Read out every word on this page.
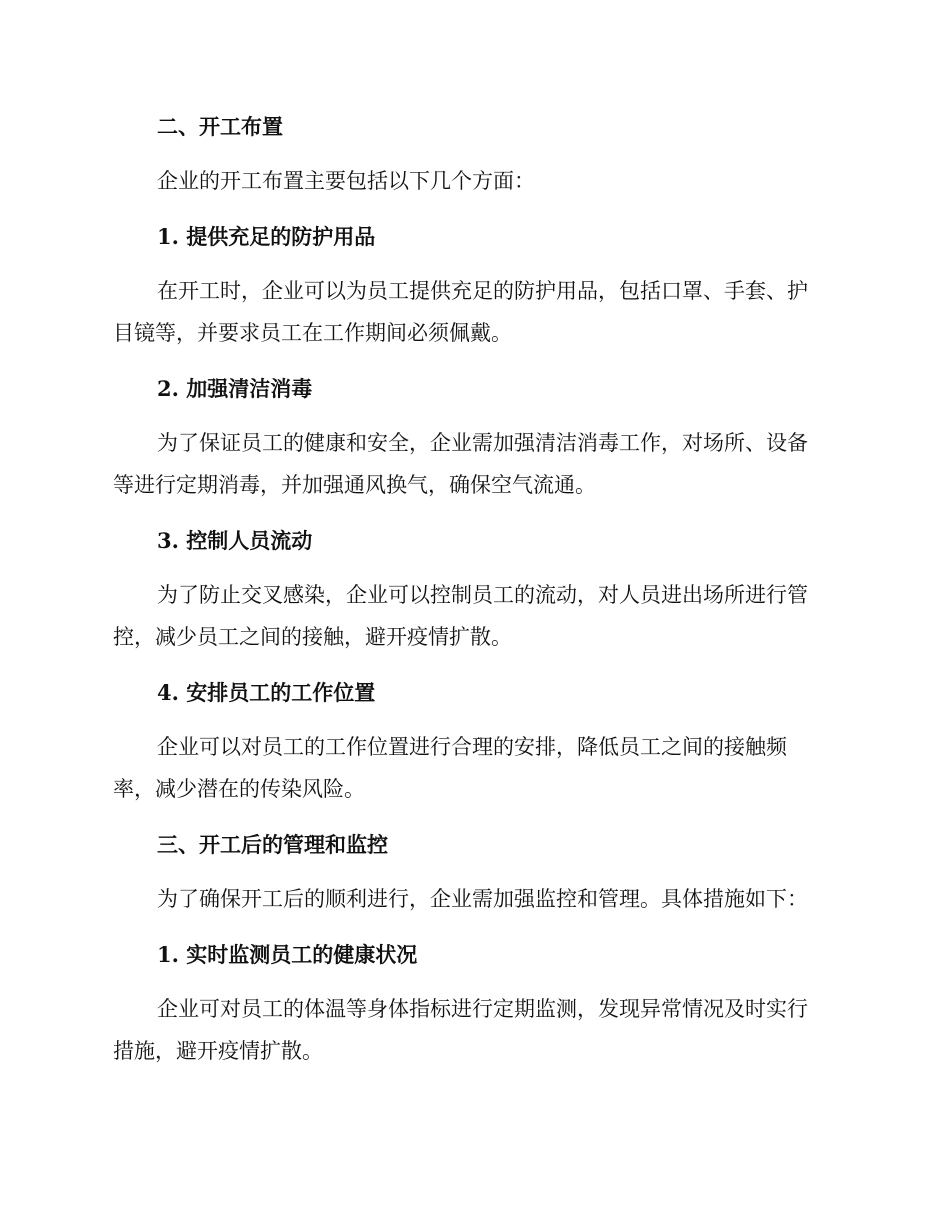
二、开工布置
企业的开工布置主要包括以下几个方面：
1. 提供充足的防护用品
在开工时，企业可以为员工提供充足的防护用品，包括口罩、手套、护
目镜等，并要求员工在工作期间必须佩戴。
2. 加强清洁消毒
为了保证员工的健康和安全，企业需加强清洁消毒工作，对场所、设备
等进行定期消毒，并加强通风换气，确保空气流通。
3. 控制人员流动
为了防止交叉感染，企业可以控制员工的流动，对人员进出场所进行管
控，减少员工之间的接触，避开疫情扩散。
4. 安排员工的工作位置
企业可以对员工的工作位置进行合理的安排，降低员工之间的接触频
率，减少潜在的传染风险。
三、开工后的管理和监控
为了确保开工后的顺利进行，企业需加强监控和管理。具体措施如下：
1. 实时监测员工的健康状况
企业可对员工的体温等身体指标进行定期监测，发现异常情况及时实行
措施，避开疫情扩散。
